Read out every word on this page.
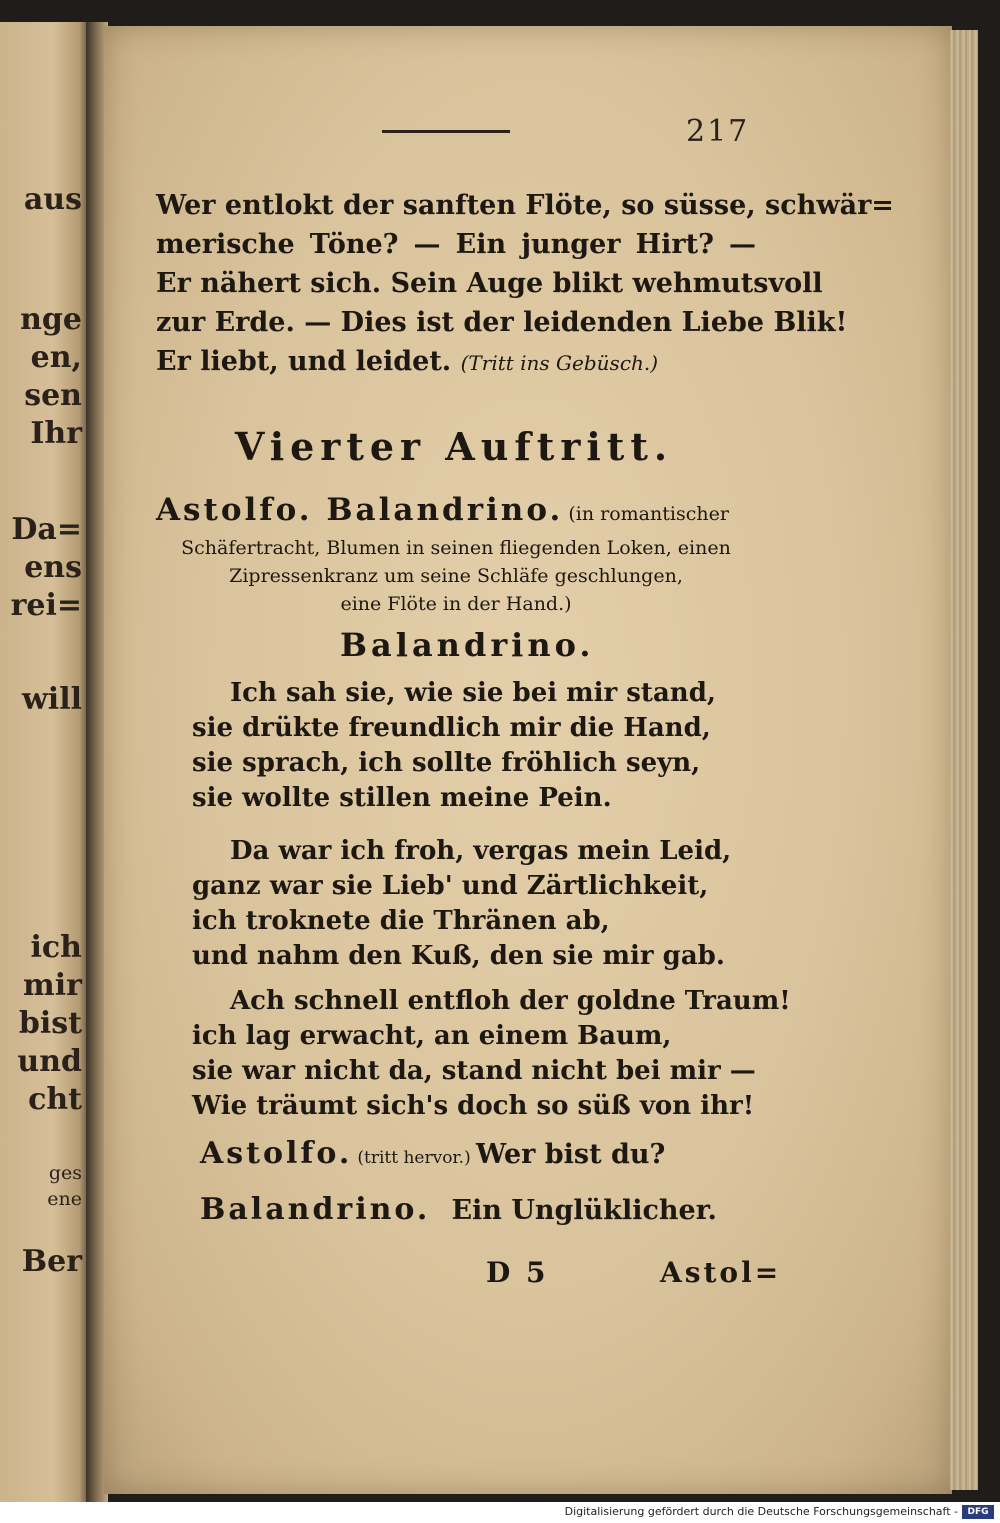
aus
nge
en,
sen
Ihr
Da=
ens
rei=
will
ich
mir
bist
und
cht
ges
ene
Ber
217
Wer entlokt der sanften Flöte, so süsse, schwär=
merische Töne? — Ein junger Hirt? —
Er nähert sich. Sein Auge blikt wehmutsvoll
zur Erde. — Dies ist der leidenden Liebe Blik!
Er liebt, und leidet. (Tritt ins Gebüsch.)
Vierter Auftritt.
Astolfo. Balandrino. (in romantischer
Schäfertracht, Blumen in seinen fliegenden Loken, einen
Zipressenkranz um seine Schläfe geschlungen,
eine Flöte in der Hand.)
Balandrino.
Ich sah sie, wie sie bei mir stand,
sie drükte freundlich mir die Hand,
sie sprach, ich sollte fröhlich seyn,
sie wollte stillen meine Pein.
Da war ich froh, vergas mein Leid,
ganz war sie Lieb' und Zärtlichkeit,
ich troknete die Thränen ab,
und nahm den Kuß, den sie mir gab.
Ach schnell entfloh der goldne Traum!
ich lag erwacht, an einem Baum,
sie war nicht da, stand nicht bei mir —
Wie träumt sich's doch so süß von ihr!
Astolfo. (tritt hervor.) Wer bist du?
Balandrino. Ein Unglüklicher.
D 5	Astol=
Digitalisierung gefördert durch die Deutsche Forschungsgemeinschaft -	DFG
